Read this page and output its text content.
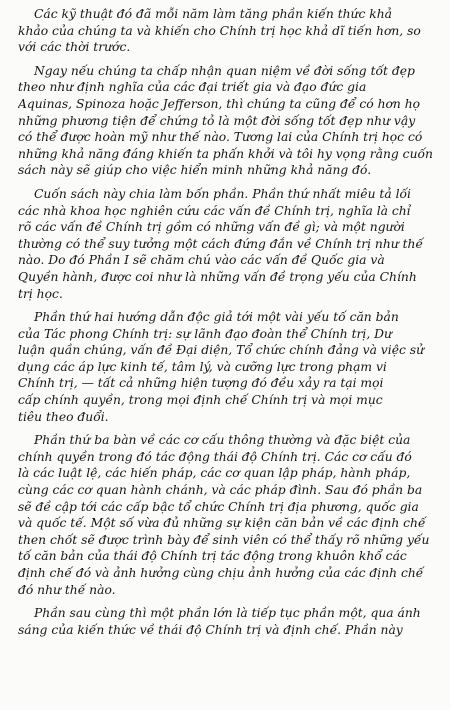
Các kỹ thuật đó đã mỗi năm làm tăng phần kiến thức khả
khảo của chúng ta và khiến cho Chính trị học khả dĩ tiến hơn, so
với các thời trước.
Ngay nếu chúng ta chấp nhận quan niệm về đời sống tốt đẹp
theo như định nghĩa của các đại triết gia và đạo đức gia
Aquinas, Spinoza hoặc Jefferson, thì chúng ta cũng để có hơn họ
những phương tiện để chứng tỏ là một đời sống tốt đẹp như vậy
có thể được hoàn mỹ như thế nào. Tương lai của Chính trị học có
những khả năng đáng khiến ta phấn khởi và tôi hy vọng rằng cuốn
sách này sẽ giúp cho việc hiển minh những khả năng đó.
Cuốn sách này chia làm bốn phần. Phần thứ nhất miêu tả lối
các nhà khoa học nghiên cứu các vấn đề Chính trị, nghĩa là chỉ
rõ các vấn đề Chính trị gồm có những vấn đề gì; và một người
thường có thể suy tưởng một cách đứng đắn về Chính trị như thế
nào. Do đó Phần I sẽ chăm chú vào các vấn đề Quốc gia và
Quyền hành, được coi như là những vấn đề trọng yếu của Chính
trị học.
Phần thứ hai hướng dẫn độc giả tới một vài yếu tố căn bản
của Tác phong Chính trị: sự lãnh đạo đoàn thể Chính trị, Dư
luận quần chúng, vấn đề Đại diện, Tổ chức chính đảng và việc sử
dụng các áp lực kinh tế, tâm lý, và cưỡng lực trong phạm vi
Chính trị, — tất cả những hiện tượng đó đều xảy ra tại mọi
cấp chính quyền, trong mọi định chế Chính trị và mọi mục
tiêu theo đuổi.
Phần thứ ba bàn về các cơ cấu thông thường và đặc biệt của
chính quyền trong đó tác động thái độ Chính trị. Các cơ cấu đó
là các luật lệ, các hiến pháp, các cơ quan lập pháp, hành pháp,
cùng các cơ quan hành chánh, và các pháp đình. Sau đó phần ba
sẽ đề cập tới các cấp bậc tổ chức Chính trị địa phương, quốc gia
và quốc tế. Một số vừa đủ những sự kiện căn bản về các định chế
then chốt sẽ được trình bày để sinh viên có thể thấy rõ những yếu
tố căn bản của thái độ Chính trị tác động trong khuôn khổ các
định chế đó và ảnh hưởng cùng chịu ảnh hưởng của các định chế
đó như thế nào.
Phần sau cùng thì một phần lớn là tiếp tục phần một, qua ánh
sáng của kiến thức về thái độ Chính trị và định chế. Phần này
